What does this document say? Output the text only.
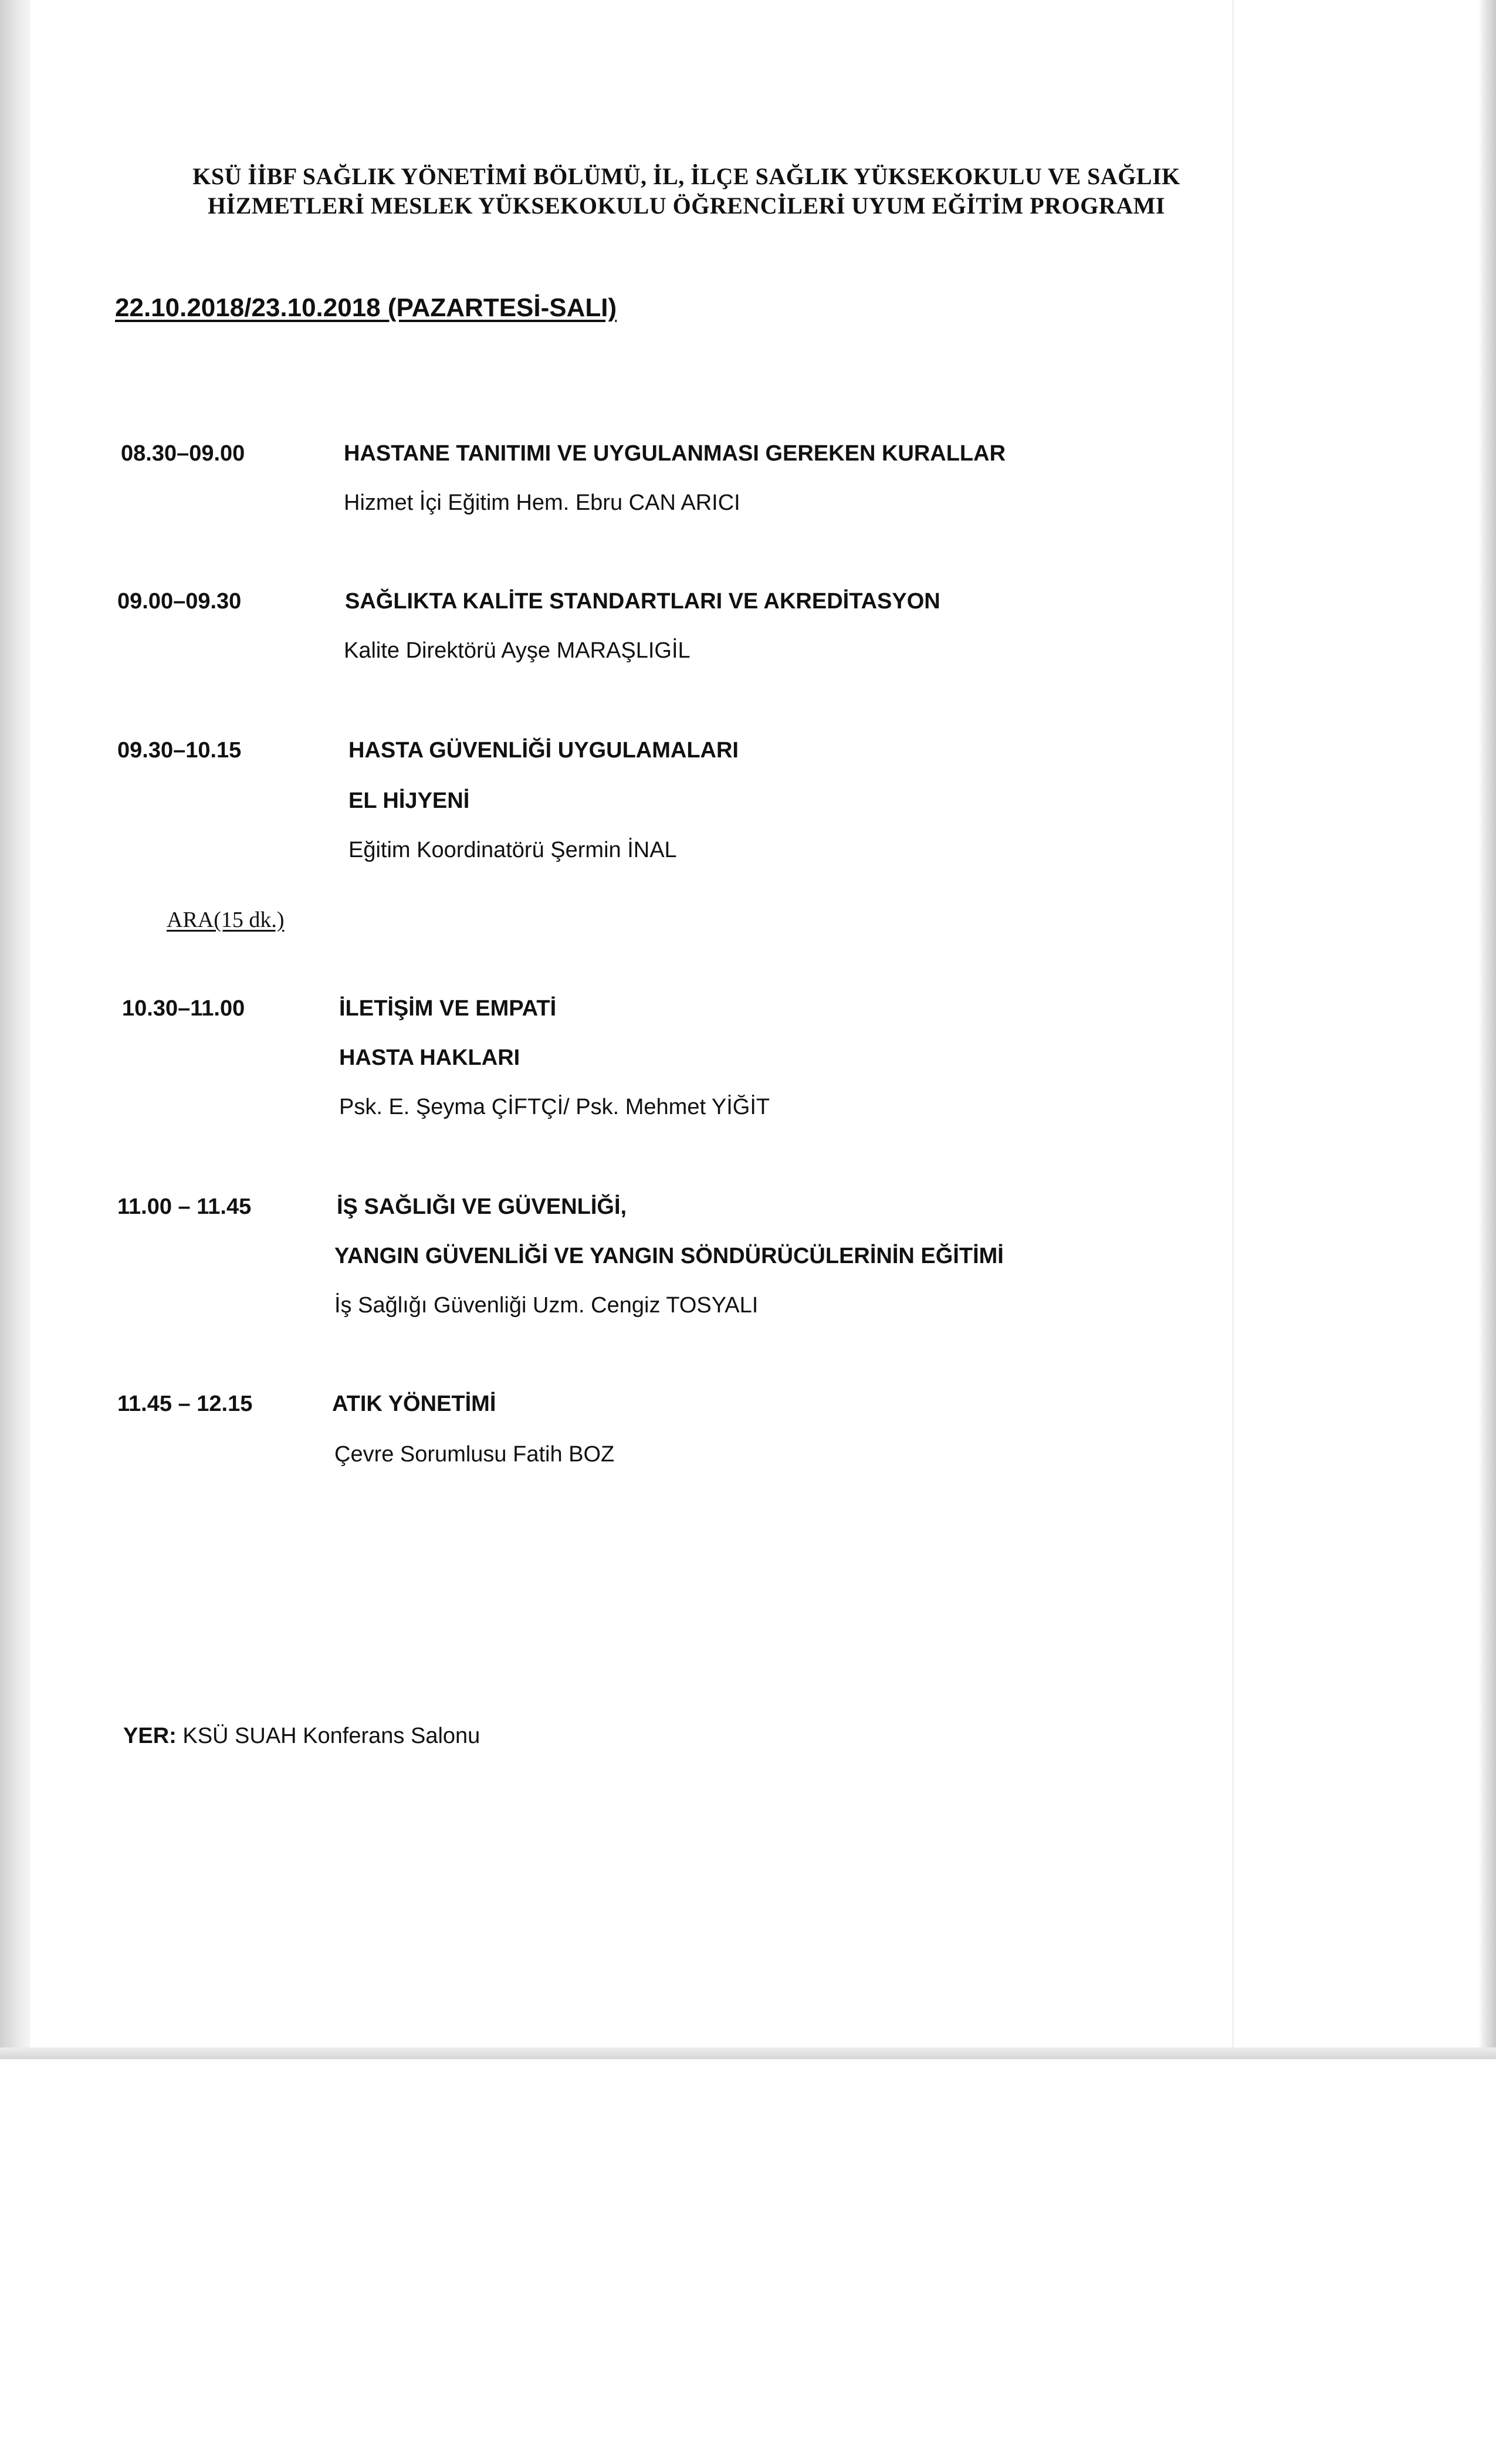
KSÜ İİBF SAĞLIK YÖNETİMİ BÖLÜMÜ, İL, İLÇE SAĞLIK YÜKSEKOKULU VE SAĞLIK
HİZMETLERİ MESLEK YÜKSEKOKULU ÖĞRENCİLERİ UYUM EĞİTİM PROGRAMI
22.10.2018/23.10.2018 (PAZARTESİ-SALI)
08.30–09.00	HASTANE TANITIMI VE UYGULANMASI GEREKEN KURALLAR
Hizmet İçi Eğitim Hem. Ebru CAN ARICI
09.00–09.30	SAĞLIKTA KALİTE STANDARTLARI VE AKREDİTASYON
Kalite Direktörü Ayşe MARAŞLIGİL
09.30–10.15	HASTA GÜVENLİĞİ UYGULAMALARI
EL HİJYENİ
Eğitim Koordinatörü Şermin İNAL
ARA(15 dk.)
10.30–11.00	İLETİŞİM VE EMPATİ
HASTA HAKLARI
Psk. E. Şeyma ÇİFTÇİ/ Psk. Mehmet YİĞİT
11.00 – 11.45	İŞ SAĞLIĞI VE GÜVENLİĞİ,
YANGIN GÜVENLİĞİ VE YANGIN SÖNDÜRÜCÜLERİNİN EĞİTİMİ
İş Sağlığı Güvenliği Uzm. Cengiz TOSYALI
11.45 – 12.15	ATIK YÖNETİMİ
Çevre Sorumlusu Fatih BOZ
YER: KSÜ SUAH Konferans Salonu
